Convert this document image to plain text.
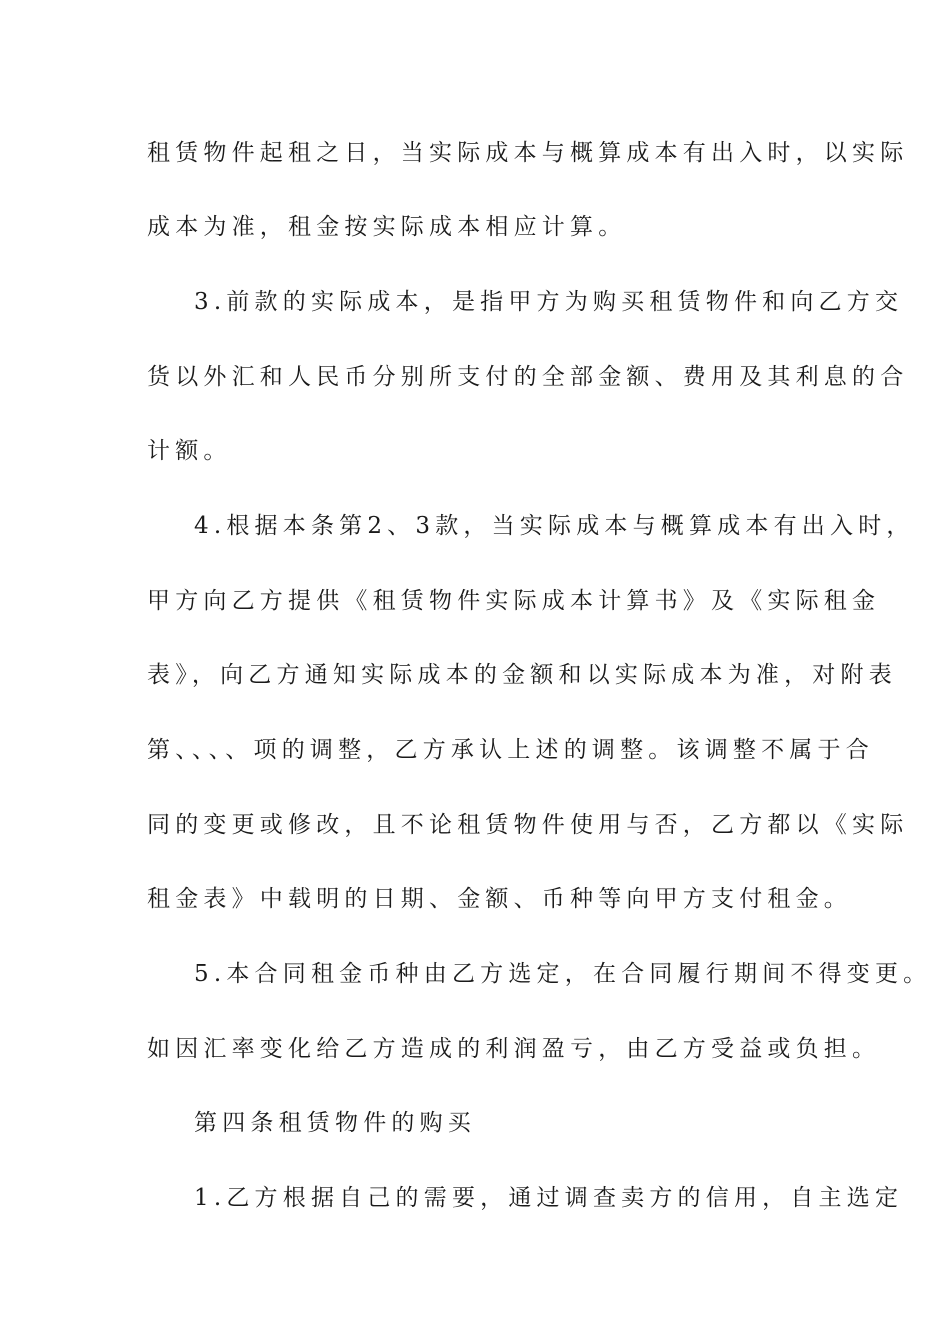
租赁物件起租之日，当实际成本与概算成本有出入时，以实际
成本为准，租金按实际成本相应计算。
3.前款的实际成本，是指甲方为购买租赁物件和向乙方交
货以外汇和人民币分别所支付的全部金额、费用及其利息的合
计额。
4.根据本条第2、3款，当实际成本与概算成本有出入时，
甲方向乙方提供《租赁物件实际成本计算书》及《实际租金
表》，向乙方通知实际成本的金额和以实际成本为准，对附表
第、、、、项的调整，乙方承认上述的调整。该调整不属于合
同的变更或修改，且不论租赁物件使用与否，乙方都以《实际
租金表》中载明的日期、金额、币种等向甲方支付租金。
5.本合同租金币种由乙方选定，在合同履行期间不得变更。
如因汇率变化给乙方造成的利润盈亏，由乙方受益或负担。
第四条租赁物件的购买
1.乙方根据自己的需要，通过调查卖方的信用，自主选定
